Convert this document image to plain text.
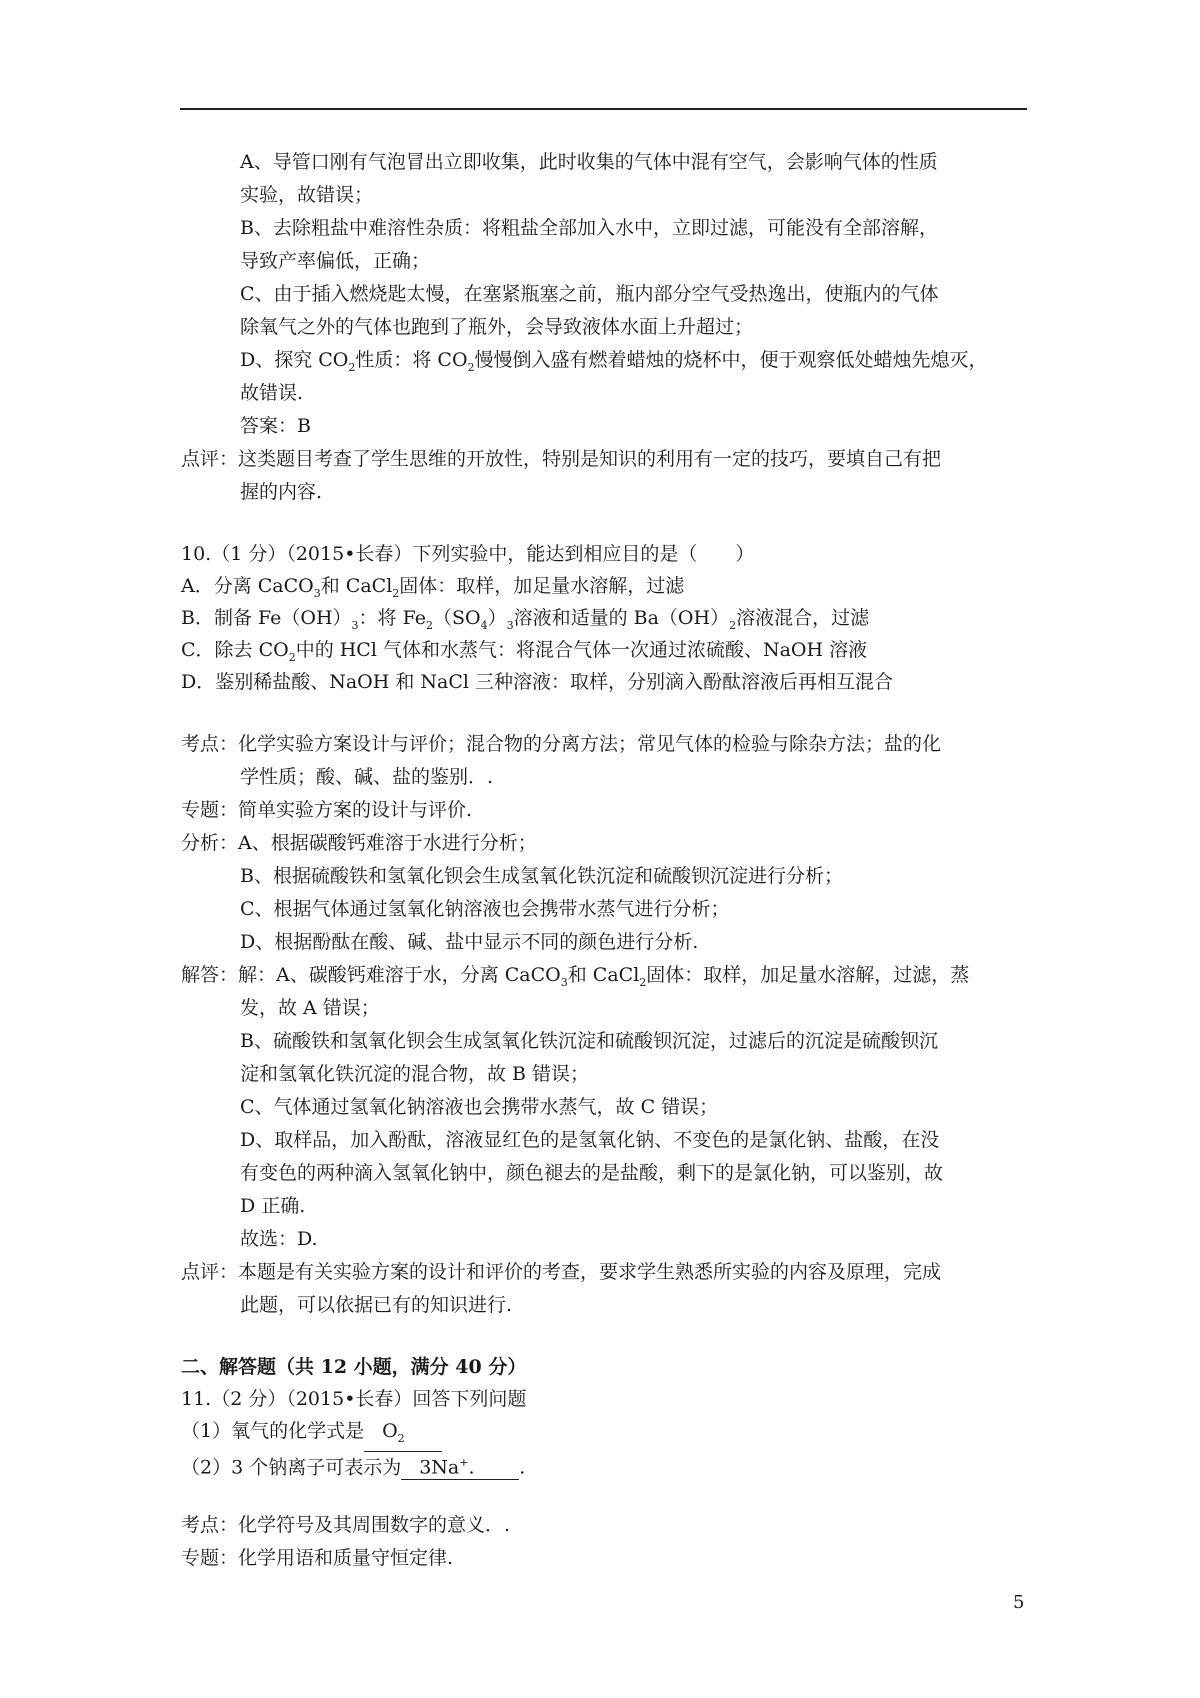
A、导管口刚有气泡冒出立即收集，此时收集的气体中混有空气，会影响气体的性质
实验，故错误；
B、去除粗盐中难溶性杂质：将粗盐全部加入水中，立即过滤，可能没有全部溶解，
导致产率偏低，正确；
C、由于插入燃烧匙太慢，在塞紧瓶塞之前，瓶内部分空气受热逸出，使瓶内的气体
除氧气之外的气体也跑到了瓶外，会导致液体水面上升超过；
D、探究 $CO_2$性质：将 $CO_2$慢慢倒入盛有燃着蜡烛的烧杯中，便于观察低处蜡烛先熄灭，
故错误.
答案：B
点评：这类题目考查了学生思维的开放性，特别是知识的利用有一定的技巧，要填自己有把
握的内容.
10.（1 分）（2015•长春）下列实验中，能达到相应目的是（　　）
A．分离 CaCO$_3$和 CaCl$_2$固体：取样，加足量水溶解，过滤
B．制备 $Fe(OH)_3$：将 $Fe_2(SO_4)_3$溶液和适量的 $Ba(OH)_2$溶液混合，过滤
C．除去 $CO_2$中的 HCl 气体和水蒸气：将混合气体一次通过浓硫酸、NaOH 溶液
D．鉴别稀盐酸、NaOH 和 NaCl 三种溶液：取样，分别滴入酚酞溶液后再相互混合
考点：化学实验方案设计与评价；混合物的分离方法；常见气体的检验与除杂方法；盐的化
学性质；酸、碱、盐的鉴别．.
专题：简单实验方案的设计与评价.
分析：A、根据碳酸钙难溶于水进行分析；
B、根据硫酸铁和氢氧化钡会生成氢氧化铁沉淀和硫酸钡沉淀进行分析；
C、根据气体通过氢氧化钠溶液也会携带水蒸气进行分析；
D、根据酚酞在酸、碱、盐中显示不同的颜色进行分析.
解答：解：A、碳酸钙难溶于水，分离 CaCO$_3$和 CaCl$_2$固体：取样，加足量水溶解，过滤，蒸
发，故 A 错误；
B、硫酸铁和氢氧化钡会生成氢氧化铁沉淀和硫酸钡沉淀，过滤后的沉淀是硫酸钡沉
淀和氢氧化铁沉淀的混合物，故 B 错误；
C、气体通过氢氧化钠溶液也会携带水蒸气，故 C 错误；
D、取样品，加入酚酞，溶液显红色的是氢氧化钠、不变色的是氯化钠、盐酸，在没
有变色的两种滴入氢氧化钠中，颜色褪去的是盐酸，剩下的是氯化钠，可以鉴别，故
D 正确.
故选：D.
点评：本题是有关实验方案的设计和评价的考查，要求学生熟悉所实验的内容及原理，完成
此题，可以依据已有的知识进行.
二、解答题（共 12 小题，满分 40 分）
11.（2 分）（2015•长春）回答下列问题
（1）氧气的化学式是 $O_2$
（2）3 个钠离子可表示为 3Na+. .
考点：化学符号及其周围数字的意义．.
专题：化学用语和质量守恒定律.
5
